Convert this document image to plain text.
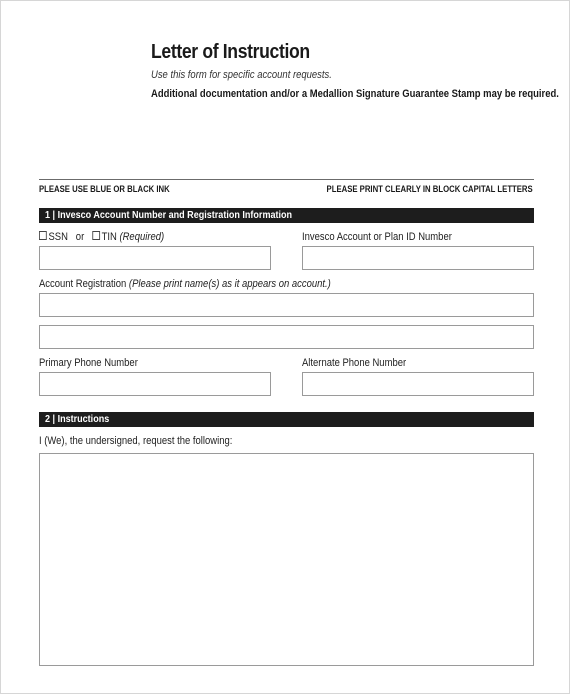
Letter of Instruction
Use this form for specific account requests.
Additional documentation and/or a Medallion Signature Guarantee Stamp may be required.
PLEASE USE BLUE OR BLACK INK	PLEASE PRINT CLEARLY IN BLOCK CAPITAL LETTERS
1 | Invesco Account Number and Registration Information
SSN or TIN (Required)	Invesco Account or Plan ID Number
Account Registration (Please print name(s) as it appears on account.)
Primary Phone Number	Alternate Phone Number
2 | Instructions
I (We), the undersigned, request the following:
